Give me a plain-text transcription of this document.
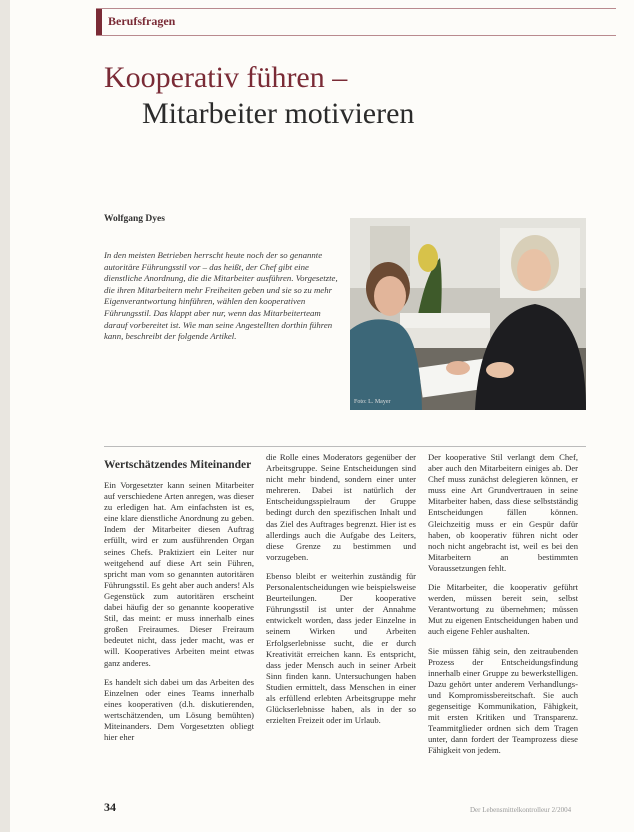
Berufsfragen
Kooperativ führen –
Mitarbeiter motivieren
Wolfgang Dyes
In den meisten Betrieben herrscht heute noch der so genannte autoritäre Führungsstil vor – das heißt, der Chef gibt eine dienstliche Anordnung, die die Mitarbeiter ausführen. Vorgesetzte, die ihren Mitarbeitern mehr Freiheiten geben und sie so zu mehr Eigenverantwortung hinführen, wählen den kooperativen Führungsstil. Das klappt aber nur, wenn das Mitarbeiterteam darauf vorbereitet ist. Wie man seine Angestellten dorthin führen kann, beschreibt der folgende Artikel.
Foto: L. Mayer
Wertschätzendes Miteinander

Ein Vorgesetzter kann seinen Mitarbeiter auf verschiedene Arten anregen, was dieser zu erledigen hat. Am einfachsten ist es, eine klare dienstliche Anordnung zu geben. Indem der Mitarbeiter diesen Auftrag erfüllt, wird er zum ausführenden Organ seines Chefs. Praktiziert ein Leiter nur weitgehend auf diese Art sein Führen, spricht man vom so genannten autoritären Führungsstil. Es geht aber auch anders! Als Gegenstück zum autoritären erscheint dabei häufig der so genannte kooperative Stil, das meint: er muss innerhalb eines großen Freiraumes. Dieser Freiraum bedeutet nicht, dass jeder macht, was er will. Kooperatives Arbeiten meint etwas ganz anderes.

Es handelt sich dabei um das Arbeiten des Einzelnen oder eines Teams innerhalb eines kooperativen (d.h. diskutierenden, wertschätzenden, um Lösung bemühten) Miteinanders. Dem Vorgesetzten obliegt hier eher

die Rolle eines Moderators gegenüber der Arbeitsgruppe. Seine Entscheidungen sind nicht mehr bindend, sondern einer unter mehreren. Dabei ist natürlich der Entscheidungsspielraum der Gruppe bedingt durch den spezifischen Inhalt und das Ziel des Auftrages begrenzt. Hier ist es allerdings auch die Aufgabe des Leiters, diese Grenze zu bestimmen und vorzugeben.

Ebenso bleibt er weiterhin zuständig für Personalentscheidungen wie beispielsweise Beurteilungen. Der kooperative Führungsstil ist unter der Annahme entwickelt worden, dass jeder Einzelne in seinem Wirken und Arbeiten Erfolgserlebnisse sucht, die er durch Kreativität erreichen kann. Es entspricht, dass jeder Mensch auch in seiner Arbeit Sinn finden kann. Untersuchungen haben Studien ermittelt, dass Menschen in einer als erfüllend erlebten Arbeitsgruppe mehr Glückserlebnisse haben, als in der so erzielten Freizeit oder im Urlaub.

Der kooperative Stil verlangt dem Chef, aber auch den Mitarbeitern einiges ab. Der Chef muss zunächst delegieren können, er muss eine Art Grundvertrauen in seine Mitarbeiter haben, dass diese selbstständig Entscheidungen fällen können. Gleichzeitig muss er ein Gespür dafür haben, ob kooperativ führen nicht oder noch nicht angebracht ist, weil es bei den Mitarbeitern an bestimmten Voraussetzungen fehlt.

Die Mitarbeiter, die kooperativ geführt werden, müssen bereit sein, selbst Verantwortung zu übernehmen; müssen Mut zu eigenen Entscheidungen haben und auch eigene Fehler aushalten.

Sie müssen fähig sein, den zeitraubenden Prozess der Entscheidungsfindung innerhalb einer Gruppe zu bewerkstelligen. Dazu gehört unter anderem Verhandlungs- und Kompromissbereitschaft. Sie auch gegenseitige Kommunikation, Fähigkeit, mit ersten Kritiken und Transparenz. Teammitglieder ordnen sich dem Tragen unter, dann fordert der Teamprozess diese Fähigkeit von jedem.

34	Der Lebensmittelkontrolleur 2/2004
